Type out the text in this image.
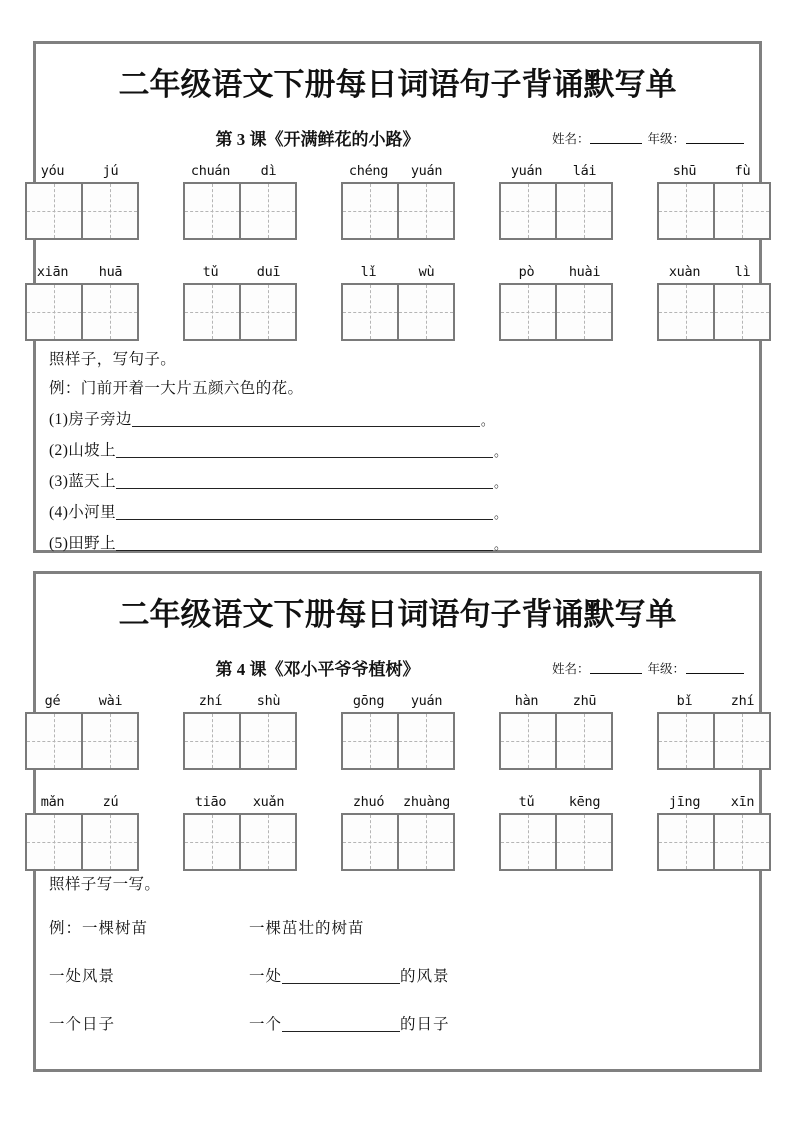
二年级语文下册每日词语句子背诵默写单
第 3 课《开满鲜花的小路》	姓名：	年级：
yóu	jú	chuán	dì	chéng	yuán	yuán	lái	shū	fù
xiān	huā	tǔ	duī	lǐ	wù	pò	huài	xuàn	lì
照样子，写句子。
例：门前开着一大片五颜六色的花。
(1)房子旁边	。
(2)山坡上	。
(3)蓝天上	。
(4)小河里	。
(5)田野上	。
二年级语文下册每日词语句子背诵默写单
第 4 课《邓小平爷爷植树》	姓名：	年级：
gé	wài	zhí	shù	gōng	yuán	hàn	zhū	bǐ	zhí
mǎn	zú	tiāo	xuǎn	zhuó	zhuàng	tǔ	kēng	jīng	xīn
照样子写一写。
例：一棵树苗	一棵茁壮的树苗
一处风景	一处	的风景
一个日子	一个	的日子
